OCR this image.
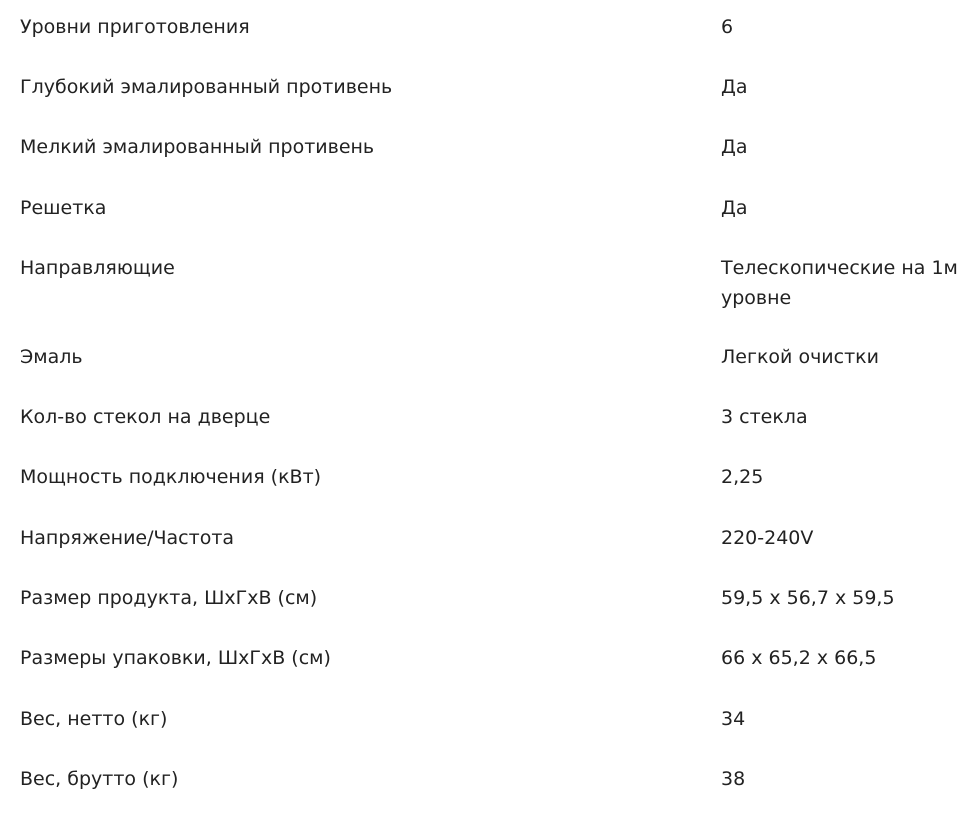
Уровни приготовления	6
Глубокий эмалированный противень	Да
Мелкий эмалированный противень	Да
Решетка	Да
Направляющие	Телескопические на 1м уровне
Эмаль	Легкой очистки
Кол-во стекол на дверце	3 стекла
Мощность подключения (кВт)	2,25
Напряжение/Частота	220-240V
Размер продукта, ШхГхВ (см)	59,5 x 56,7 x 59,5
Размеры упаковки, ШхГхВ (см)	66 x 65,2 x 66,5
Вес, нетто (кг)	34
Вес, брутто (кг)	38
